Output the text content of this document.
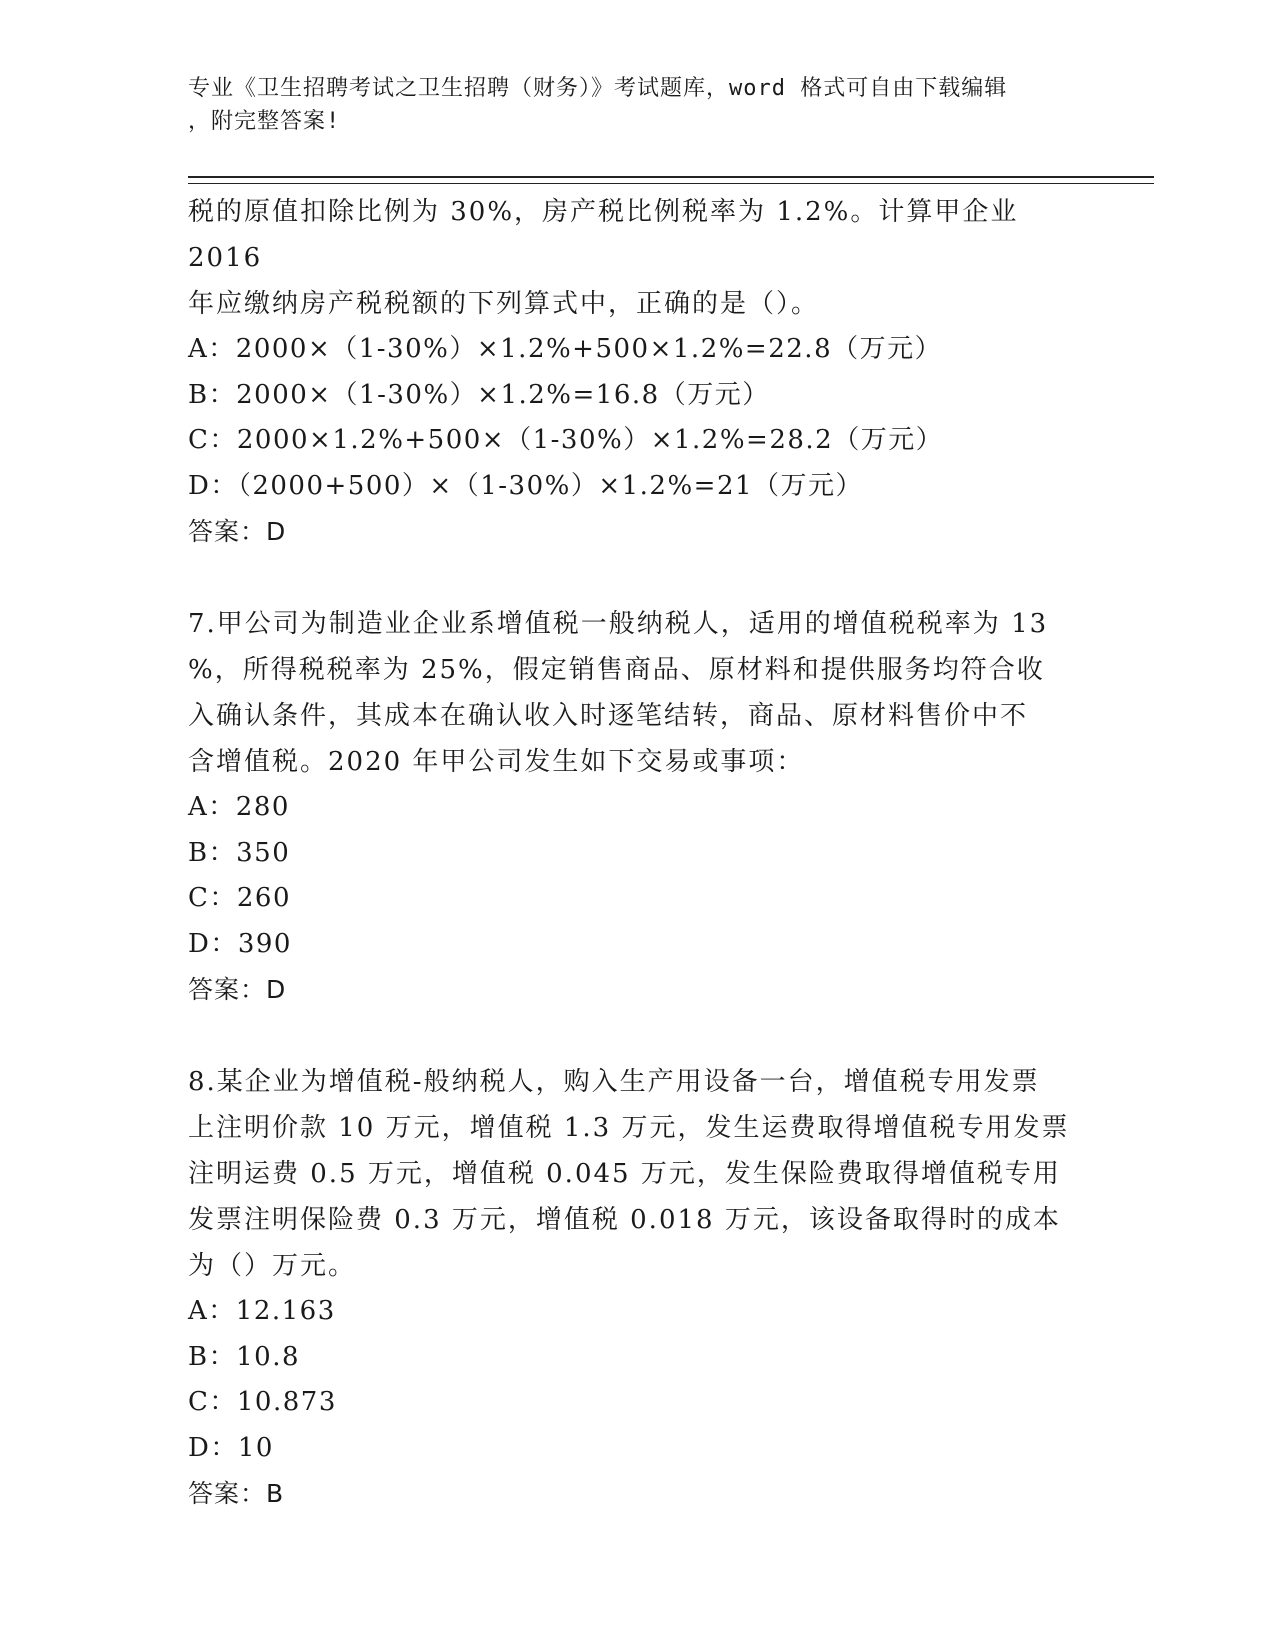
专业《卫生招聘考试之卫生招聘（财务）》考试题库，word 格式可自由下载编辑
，附完整答案!

税的原值扣除比例为 30%，房产税比例税率为 1.2%。计算甲企业 2016

年应缴纳房产税税额的下列算式中，正确的是（）。

A：2000×（1-30%）×1.2%+500×1.2%=22.8（万元）

B：2000×（1-30%）×1.2%=16.8（万元）

C：2000×1.2%+500×（1-30%）×1.2%=28.2（万元）

D：（2000+500）×（1-30%）×1.2%=21（万元）

答案：D

7.甲公司为制造业企业系增值税一般纳税人，适用的增值税税率为 13

%，所得税税率为 25%，假定销售商品、原材料和提供服务均符合收

入确认条件，其成本在确认收入时逐笔结转，商品、原材料售价中不

含增值税。2020 年甲公司发生如下交易或事项：

A：280

B：350

C：260

D：390

答案：D

8.某企业为增值税-般纳税人，购入生产用设备一台，增值税专用发票

上注明价款 10 万元，增值税 1.3 万元，发生运费取得增值税专用发票

注明运费 0.5 万元，增值税 0.045 万元，发生保险费取得增值税专用

发票注明保险费 0.3 万元，增值税 0.018 万元，该设备取得时的成本

为（）万元。

A：12.163

B：10.8

C：10.873

D：10

答案：B
